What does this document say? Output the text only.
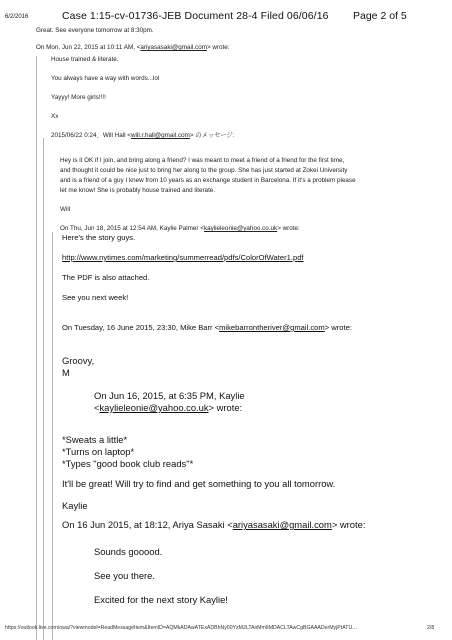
6/2/2016	Case 1:15-cv-01736-JEB Document 28-4 Filed 06/06/16 Page 2 of 5
Great. See everyone tomorrow at 8:30pm.
On Mon, Jun 22, 2015 at 10:11 AM, <ariyasasaki@gmail.com> wrote:
House trained & literate.
You always have a way with words...lol
Yayyy! More girls!!!!
Xx
2015/06/22 0:24、Will Hall <will.r.hall@gmail.com> のメッセージ:
Hey is it OK if I join, and bring along a friend? I was meant to meet a friend of a friend for the first time,
and thought it could be nice just to bring her along to the group. She has just started at Zokei University
and is a friend of a guy I knew from 10 years as an exchange student in Barcelona. If it's a problem please
let me know! She is probably house trained and literate.
Will
On Thu, Jun 18, 2015 at 12:54 AM, Kaylie Palmer <kaylieleonie@yahoo.co.uk> wrote:
Here's the story guys.
http://www.nytimes.com/marketing/summerread/pdfs/ColorOfWater1.pdf
The PDF is also attached.
See you next week!
On Tuesday, 16 June 2015, 23:30, Mike Barr <mikebarrontheriver@gmail.com> wrote:
Groovy,
M
On Jun 16, 2015, at 6:35 PM, Kaylie
<kaylieleonie@yahoo.co.uk> wrote:
*Sweats a little*
*Turns on laptop*
*Types "good book club reads"*
It'll be great! Will try to find and get something to you all tomorrow.
Kaylie
On 16 Jun 2015, at 18:12, Ariya Sasaki <ariyasasaki@gmail.com> wrote:
Sounds gooood.
See you there.
Excited for the next story Kaylie!
https://outlook.live.com/owa/?viewmodel=ReadMessageItem&ItemID=AQMkADAwATExADBhNy00YzM2LTAxMmItMDACLTAwCgBGAAADerMyjPtATU…	2/8
